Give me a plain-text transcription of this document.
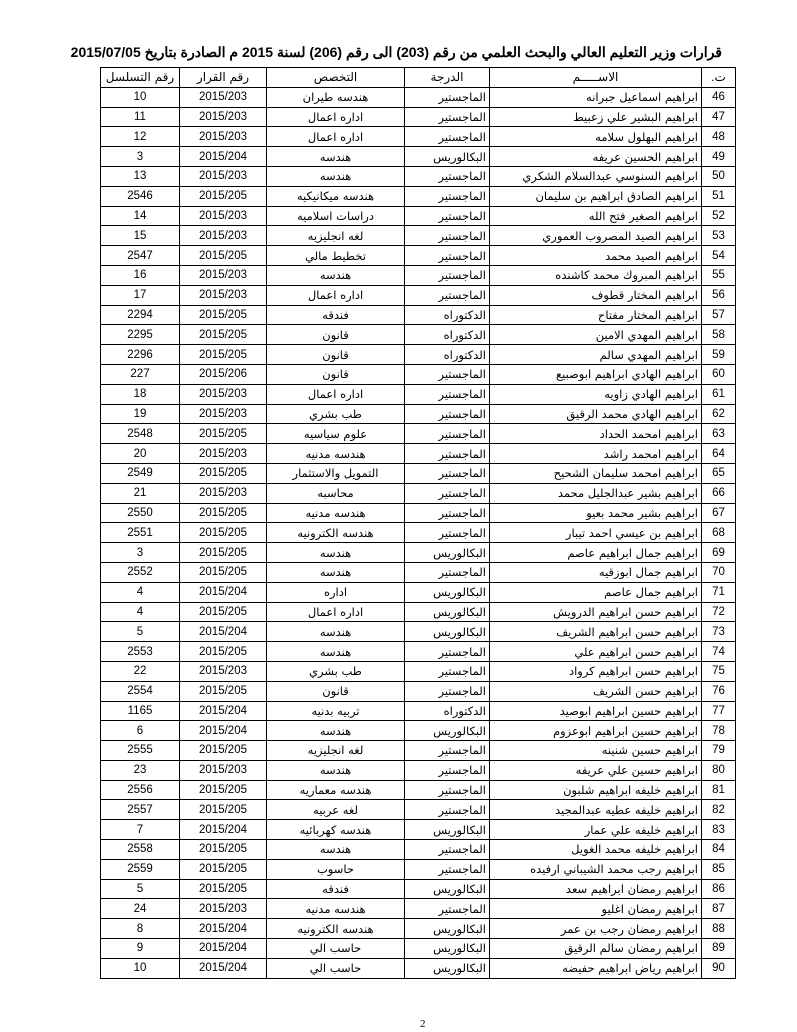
قرارات وزير التعليم العالي والبحث العلمي من رقم (203) الى رقم (206) لسنة 2015 م الصادرة بتاريخ 2015/07/05
ت.	الاســـــم	الدرجة	التخصص	رقم القرار	رقم التسلسل
46	ابراهيم اسماعيل جبرانه	الماجستير	هندسه طيران	2015/203	10
47	ابراهيم البشير علي زعبيط	الماجستير	اداره اعمال	2015/203	11
48	ابراهيم البهلول سلامه	الماجستير	اداره اعمال	2015/203	12
49	ابراهيم الحسين عريفه	البكالوريس	هندسه	2015/204	3
50	ابراهيم السنوسي عبدالسلام الشكري	الماجستير	هندسه	2015/203	13
51	ابراهيم الصادق ابراهيم بن سليمان	الماجستير	هندسه ميكانيكيه	2015/205	2546
52	ابراهيم الصغير فتح الله	الماجستير	دراسات اسلاميه	2015/203	14
53	ابراهيم الصيد المصروب العموري	الماجستير	لغه انجليزيه	2015/203	15
54	ابراهيم الصيد محمد	الماجستير	تخطيط مالي	2015/205	2547
55	ابراهيم المبروك محمد كاشنده	الماجستير	هندسه	2015/203	16
56	ابراهيم المختار قطوف	الماجستير	اداره اعمال	2015/203	17
57	ابراهيم المختار مفتاح	الدكتوراه	فندقه	2015/205	2294
58	ابراهيم المهدي الامين	الدكتوراه	قانون	2015/205	2295
59	ابراهيم المهدي سالم	الدكتوراه	قانون	2015/205	2296
60	ابراهيم الهادي ابراهيم ابوصبيع	الماجستير	قانون	2015/206	227
61	ابراهيم الهادي زاويه	الماجستير	اداره اعمال	2015/203	18
62	ابراهيم الهادي محمد الرقيق	الماجستير	طب بشري	2015/203	19
63	ابراهيم امحمد الحداد	الماجستير	علوم سياسيه	2015/205	2548
64	ابراهيم امحمد راشد	الماجستير	هندسه مدنيه	2015/203	20
65	ابراهيم امحمد سليمان الشحيح	الماجستير	التمويل والاستثمار	2015/205	2549
66	ابراهيم بشير عبدالجليل محمد	الماجستير	محاسبه	2015/203	21
67	ابراهيم بشير محمد بعيو	الماجستير	هندسه مدنيه	2015/205	2550
68	ابراهيم بن عيسي احمد تيبار	الماجستير	هندسه الكترونيه	2015/205	2551
69	ابراهيم جمال ابراهيم عاصم	البكالوريس	هندسه	2015/205	3
70	ابراهيم جمال ابوزقيه	الماجستير	هندسه	2015/205	2552
71	ابراهيم جمال عاصم	البكالوريس	اداره	2015/204	4
72	ابراهيم حسن ابراهيم الدرويش	البكالوريس	اداره اعمال	2015/205	4
73	ابراهيم حسن ابراهيم الشريف	البكالوريس	هندسه	2015/204	5
74	ابراهيم حسن ابراهيم علي	الماجستير	هندسه	2015/205	2553
75	ابراهيم حسن ابراهيم كرواد	الماجستير	طب بشري	2015/203	22
76	ابراهيم حسن الشريف	الماجستير	قانون	2015/205	2554
77	ابراهيم حسين ابراهيم ابوصيد	الدكتوراه	تربيه بدنيه	2015/204	1165
78	ابراهيم حسين ابراهيم ابوعزوم	البكالوريس	هندسه	2015/204	6
79	ابراهيم حسين شنينه	الماجستير	لغه انجليزيه	2015/205	2555
80	ابراهيم حسين علي عريفه	الماجستير	هندسه	2015/203	23
81	ابراهيم خليفه ابراهيم شلبون	الماجستير	هندسه معماريه	2015/205	2556
82	ابراهيم خليفه عطيه عبدالمجيد	الماجستير	لغه عربيه	2015/205	2557
83	ابراهيم خليفه علي عمار	البكالوريس	هندسه كهربائيه	2015/204	7
84	ابراهيم خليفه محمد الغويل	الماجستير	هندسه	2015/205	2558
85	ابراهيم رجب محمد الشيباني ارفيده	الماجستير	حاسوب	2015/205	2559
86	ابراهيم رمضان ابراهيم سعد	البكالوريس	فندقه	2015/205	5
87	ابراهيم رمضان اغليو	الماجستير	هندسه مدنيه	2015/203	24
88	ابراهيم رمضان رجب بن عمر	البكالوريس	هندسه الكترونيه	2015/204	8
89	ابراهيم رمضان سالم الرقيق	البكالوريس	حاسب الي	2015/204	9
90	ابراهيم رياض ابراهيم حفيضه	البكالوريس	حاسب الي	2015/204	10
2
